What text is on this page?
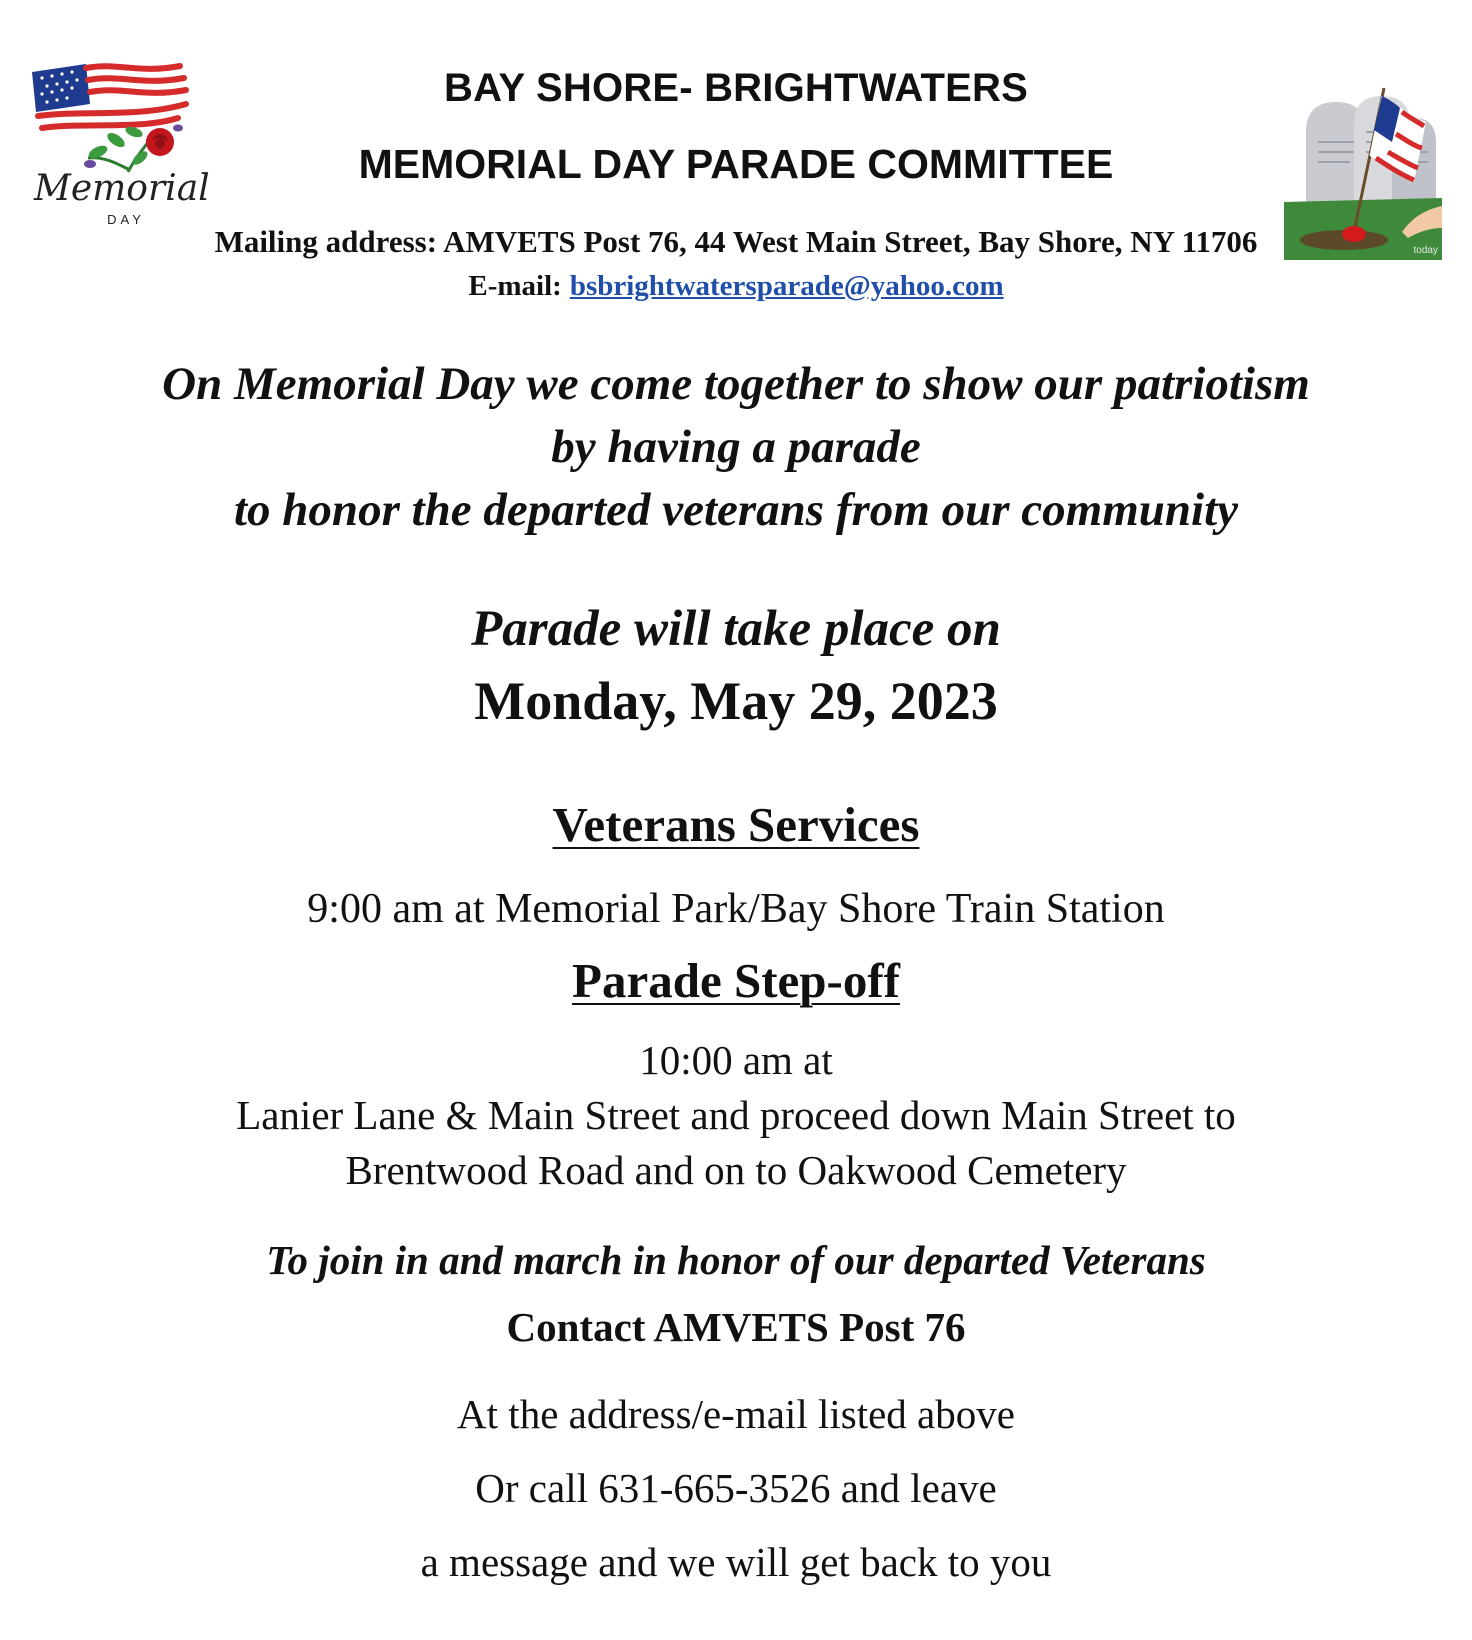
Memorial
DAY
today
BAY SHORE- BRIGHTWATERS
MEMORIAL DAY PARADE COMMITTEE
Mailing address: AMVETS Post 76, 44 West Main Street, Bay Shore, NY 11706
E-mail: bsbrightwatersparade@yahoo.com
On Memorial Day we come together to show our patriotism
by having a parade
to honor the departed veterans from our community
Parade will take place on
Monday, May 29, 2023
Veterans Services
9:00 am at Memorial Park/Bay Shore Train Station
Parade Step-off
10:00 am at
Lanier Lane & Main Street and proceed down Main Street to
Brentwood Road and on to Oakwood Cemetery
To join in and march in honor of our departed Veterans
Contact AMVETS Post 76
At the address/e-mail listed above
Or call 631-665-3526 and leave
a message and we will get back to you
